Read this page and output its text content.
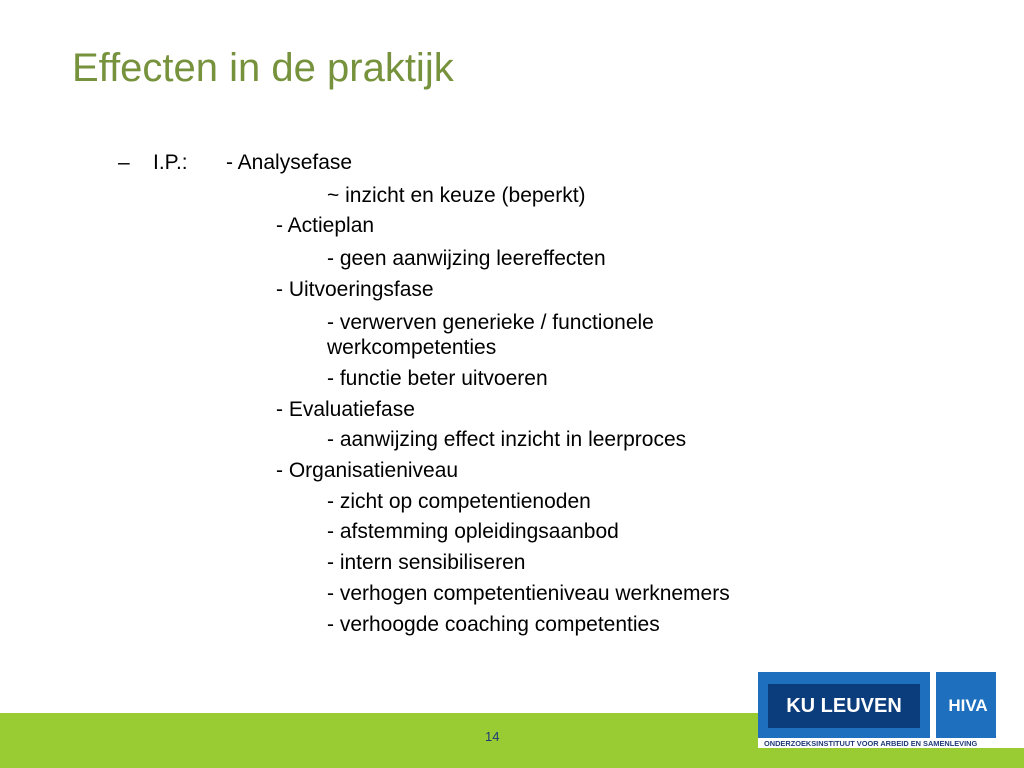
Effecten in de praktijk
– I.P.: - Analysefase
~ inzicht en keuze (beperkt)
- Actieplan
- geen aanwijzing leereffecten
- Uitvoeringsfase
- verwerven generieke / functionele
werkcompetenties
- functie beter uitvoeren
- Evaluatiefase
- aanwijzing effect inzicht in leerproces
- Organisatieniveau
- zicht op competentienoden
- afstemming opleidingsaanbod
- intern sensibiliseren
- verhogen competentieniveau werknemers
- verhoogde coaching competenties
14
KU LEUVEN	HIVA
ONDERZOEKSINSTITUUT VOOR ARBEID EN SAMENLEVING
